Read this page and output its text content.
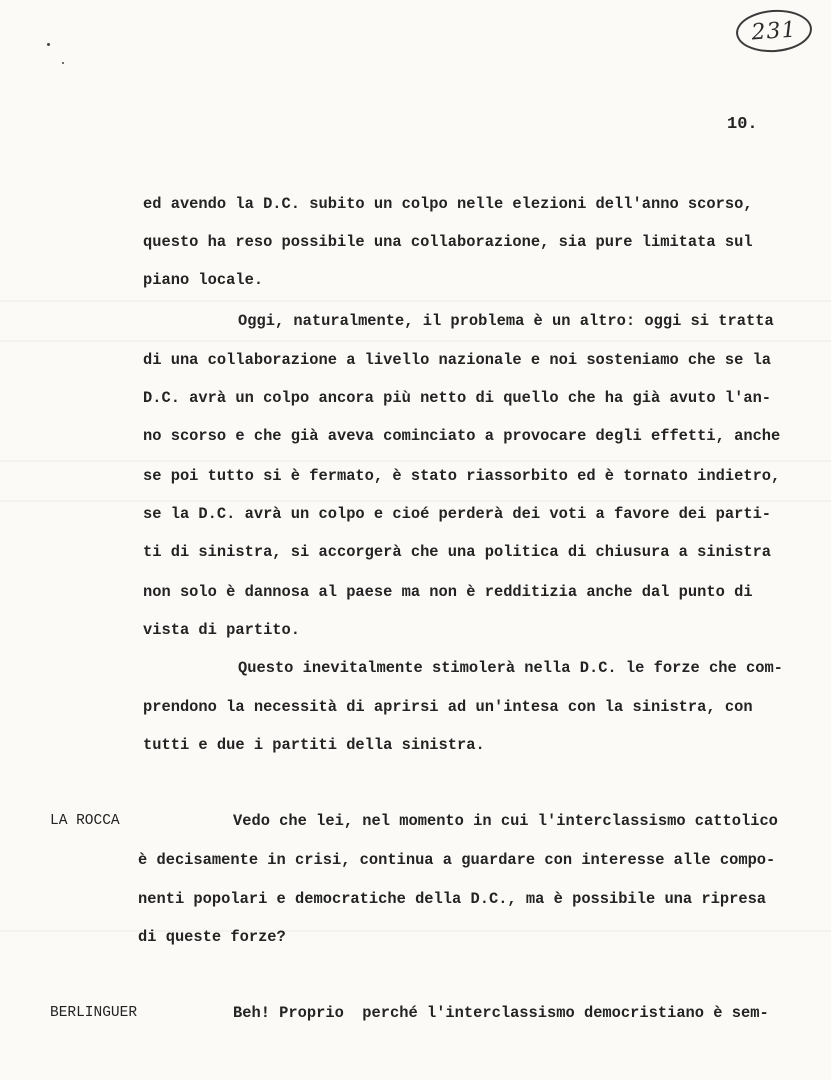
231
10.
ed avendo la D.C. subito un colpo nelle elezioni dell'anno scorso,
questo ha reso possibile una collaborazione, sia pure limitata sul
piano locale.
Oggi, naturalmente, il problema è un altro: oggi si tratta
di una collaborazione a livello nazionale e noi sosteniamo che se la
D.C. avrà un colpo ancora più netto di quello che ha già avuto l'an-
no scorso e che già aveva cominciato a provocare degli effetti, anche
se poi tutto si è fermato, è stato riassorbito ed è tornato indietro,
se la D.C. avrà un colpo e cioé perderà dei voti a favore dei parti-
ti di sinistra, si accorgerà che una politica di chiusura a sinistra
non solo è dannosa al paese ma non è redditizia anche dal punto di
vista di partito.
Questo inevitalmente stimolerà nella D.C. le forze che com-
prendono la necessità di aprirsi ad un'intesa con la sinistra, con
tutti e due i partiti della sinistra.
LA ROCCA	Vedo che lei, nel momento in cui l'interclassismo cattolico
è decisamente in crisi, continua a guardare con interesse alle compo-
nenti popolari e democratiche della D.C., ma è possibile una ripresa
di queste forze?
BERLINGUER	Beh! Proprio  perché l'interclassismo democristiano è sem-
